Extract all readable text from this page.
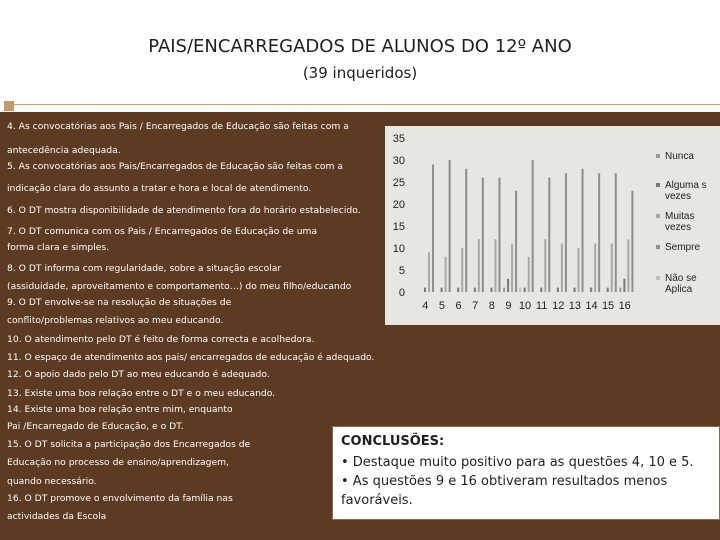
PAIS/ENCARREGADOS DE ALUNOS DO 12º ANO
(39 inqueridos)
4. As convocatórias aos Pais / Encarregados de Educação são feitas com a
antecedência adequada.
5. As convocatórias aos Pais/Encarregados de Educação são feitas com a
indicação clara do assunto a tratar e hora e local de atendimento.
6. O DT mostra disponibilidade de atendimento fora do horário estabelecido.
7. O DT comunica com os Pais / Encarregados de Educação de uma
forma clara e simples.
8. O DT informa com regularidade, sobre a situação escolar
(assiduidade, aproveitamento e comportamento…) do meu filho/educando
9. O DT envolve-se na resolução de situações de
conflito/problemas relativos ao meu educando.
10. O atendimento pelo DT é feito de forma correcta e acolhedora.
11. O espaço de atendimento aos pais/ encarregados de educação é adequado.
12. O apoio dado pelo DT ao meu educando é adequado.
13. Existe uma boa relação entre o DT e o meu educando.
14. Existe uma boa relação entre mim, enquanto
Pai /Encarregado de Educação, e o DT.
15. O DT solicita a participação dos Encarregados de
Educação no processo de ensino/aprendizagem,
quando necessário.
16. O DT promove o envolvimento da família nas
actividades da Escola
0
5
10
15
20
25
30
35
4 5 6 7 8 9 10 11 12 13 14 15 16
Nunca
Alguma s vezes
Muitas vezes
Sempre
Não se Aplica
CONCLUSÕES:
• Destaque muito positivo para as questões 4, 10 e 5.
• As questões 9 e 16 obtiveram resultados menos
favoráveis.
